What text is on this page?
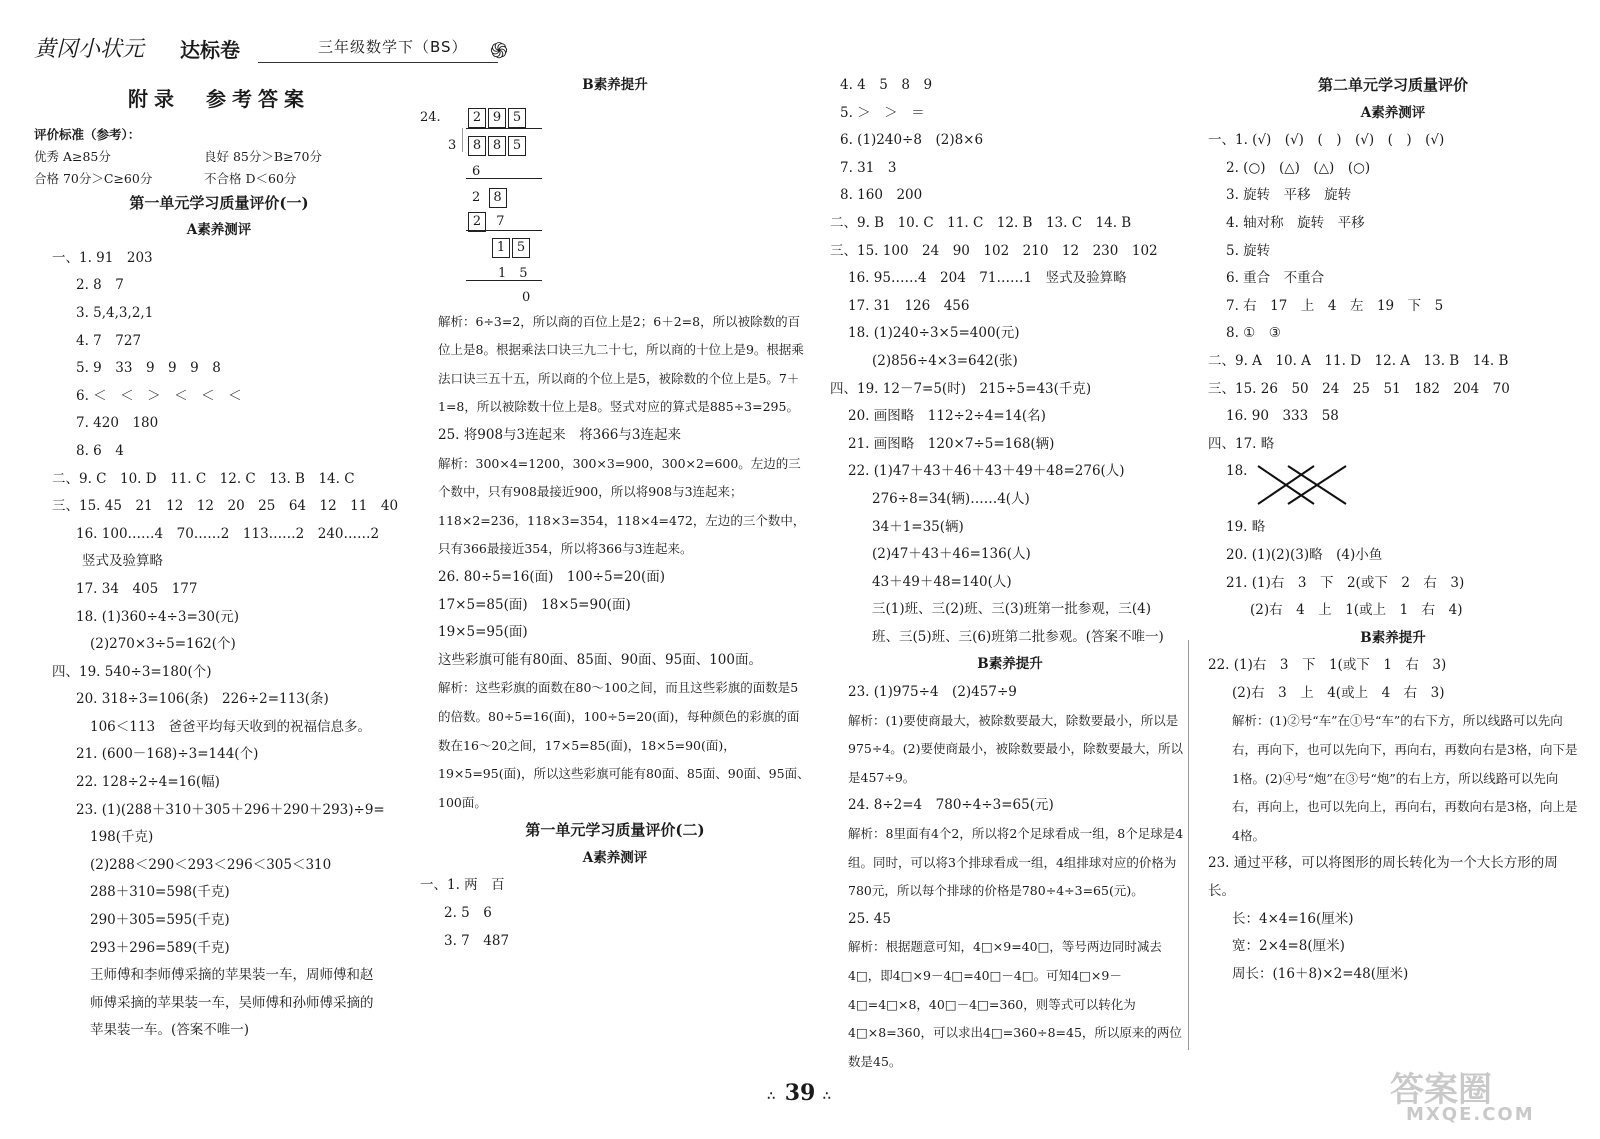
黄冈小状元 达标卷	三年级数学下（BS） ֍
附录　参考答案
评价标准（参考）：
优秀 A≥85分	良好 85分＞B≥70分
合格 70分＞C≥60分	不合格 D＜60分
第一单元学习质量评价(一)
A素养测评
一、1. 91　203
2. 8　7
3. 5,4,3,2,1
4. 7　727
5. 9　33　9　9　9　8
6. ＜　＜　＞　＜　＜　＜
7. 420　180
8. 6　4
二、9. C　10. D　11. C　12. C　13. B　14. C
三、15. 45　21　12　12　20　25　64　12　11　40
16. 100……4　70……2　113……2　240……2
竖式及验算略
17. 34　405　177
18. (1)360÷4÷3=30(元)
(2)270×3÷5=162(个)
四、19. 540÷3=180(个)
20. 318÷3=106(条)　226÷2=113(条)
106＜113　爸爸平均每天收到的祝福信息多。
21. (600－168)÷3=144(个)
22. 128÷2÷4=16(幅)
23. (1)(288＋310＋305＋296＋290＋293)÷9=
198(千克)
(2)288＜290＜293＜296＜305＜310
288＋310=598(千克)
290＋305=595(千克)
293＋296=589(千克)
王师傅和李师傅采摘的苹果装一车，周师傅和赵
师傅采摘的苹果装一车，吴师傅和孙师傅采摘的
苹果装一车。(答案不唯一)
B素养提升
24.	2 9 5
3	8 8 5
6
2 8
2 7
1 5
1　5
0
解析：6÷3=2，所以商的百位上是2；6＋2=8，所以被除数的百位上是8。根据乘法口诀三九二十七，所以商的十位上是9。根据乘法口诀三五十五，所以商的个位上是5，被除数的个位上是5。7＋1=8，所以被除数十位上是8。竖式对应的算式是885÷3=295。
25. 将908与3连起来　将366与3连起来
解析：300×4=1200，300×3=900，300×2=600。左边的三个数中，只有908最接近900，所以将908与3连起来；118×2=236，118×3=354，118×4=472，左边的三个数中，只有366最接近354，所以将366与3连起来。
26. 80÷5=16(面)　100÷5=20(面)
17×5=85(面)　18×5=90(面)
19×5=95(面)
这些彩旗可能有80面、85面、90面、95面、100面。
解析：这些彩旗的面数在80～100之间，而且这些彩旗的面数是5的倍数。80÷5=16(面)，100÷5=20(面)，每种颜色的彩旗的面数在16～20之间，17×5=85(面)，18×5=90(面)，19×5=95(面)，所以这些彩旗可能有80面、85面、90面、95面、100面。
第一单元学习质量评价(二)
A素养测评
一、1. 两　百
2. 5　6
3. 7　487
4. 4　5　8　9
5. ＞　＞　＝
6. (1)240÷8　(2)8×6
7. 31　3
8. 160　200
二、9. B　10. C　11. C　12. B　13. C　14. B
三、15. 100　24　90　102　210　12　230　102
16. 95……4　204　71……1　竖式及验算略
17. 31　126　456
18. (1)240÷3×5=400(元)
(2)856÷4×3=642(张)
四、19. 12－7=5(时)　215÷5=43(千克)
20. 画图略　112÷2÷4=14(名)
21. 画图略　120×7÷5=168(辆)
22. (1)47＋43＋46＋43＋49＋48=276(人)
276÷8=34(辆)……4(人)
34＋1=35(辆)
(2)47＋43＋46=136(人)
43＋49＋48=140(人)
三(1)班、三(2)班、三(3)班第一批参观，三(4)
班、三(5)班、三(6)班第二批参观。(答案不唯一)
B素养提升
23. (1)975÷4　(2)457÷9
解析：(1)要使商最大，被除数要最大，除数要最小，所以是975÷4。(2)要使商最小，被除数要最小，除数要最大，所以是457÷9。
24. 8÷2=4　780÷4÷3=65(元)
解析：8里面有4个2，所以将2个足球看成一组，8个足球是4组。同时，可以将3个排球看成一组，4组排球对应的价格为780元，所以每个排球的价格是780÷4÷3=65(元)。
25. 45
解析：根据题意可知，4□×9=40□，等号两边同时减去4□，即4□×9－4□=40□－4□。可知4□×9－4□=4□×8，40□－4□=360，则等式可以转化为4□×8=360，可以求出4□=360÷8=45，所以原来的两位数是45。
第二单元学习质量评价
A素养测评
一、1. (√)　(√)　(　)　(√)　(　)　(√)
2. (○)　(△)　(△)　(○)
3. 旋转　平移　旋转
4. 轴对称　旋转　平移
5. 旋转
6. 重合　不重合
7. 右　17　上　4　左　19　下　5
8. ①　③
二、9. A　10. A　11. D　12. A　13. B　14. B
三、15. 26　50　24　25　51　182　204　70
16. 90　333　58
四、17. 略
18.
19. 略
20. (1)(2)(3)略　(4)小鱼
21. (1)右　3　下　2(或下　2　右　3)
(2)右　4　上　1(或上　1　右　4)
B素养提升
22. (1)右　3　下　1(或下　1　右　3)
(2)右　3　上　4(或上　4　右　3)
解析：(1)②号“车”在①号“车”的右下方，所以线路可以先向右，再向下，也可以先向下，再向右，再数向右是3格，向下是1格。(2)④号“炮”在③号“炮”的右上方，所以线路可以先向右，再向上，也可以先向上，再向右，再数向右是3格，向上是4格。
23. 通过平移，可以将图形的周长转化为一个大长方形的周长。
长：4×4=16(厘米)
宽：2×4=8(厘米)
周长：(16＋8)×2=48(厘米)
∴ 39 ∴	答案圈
MXQE.COM
